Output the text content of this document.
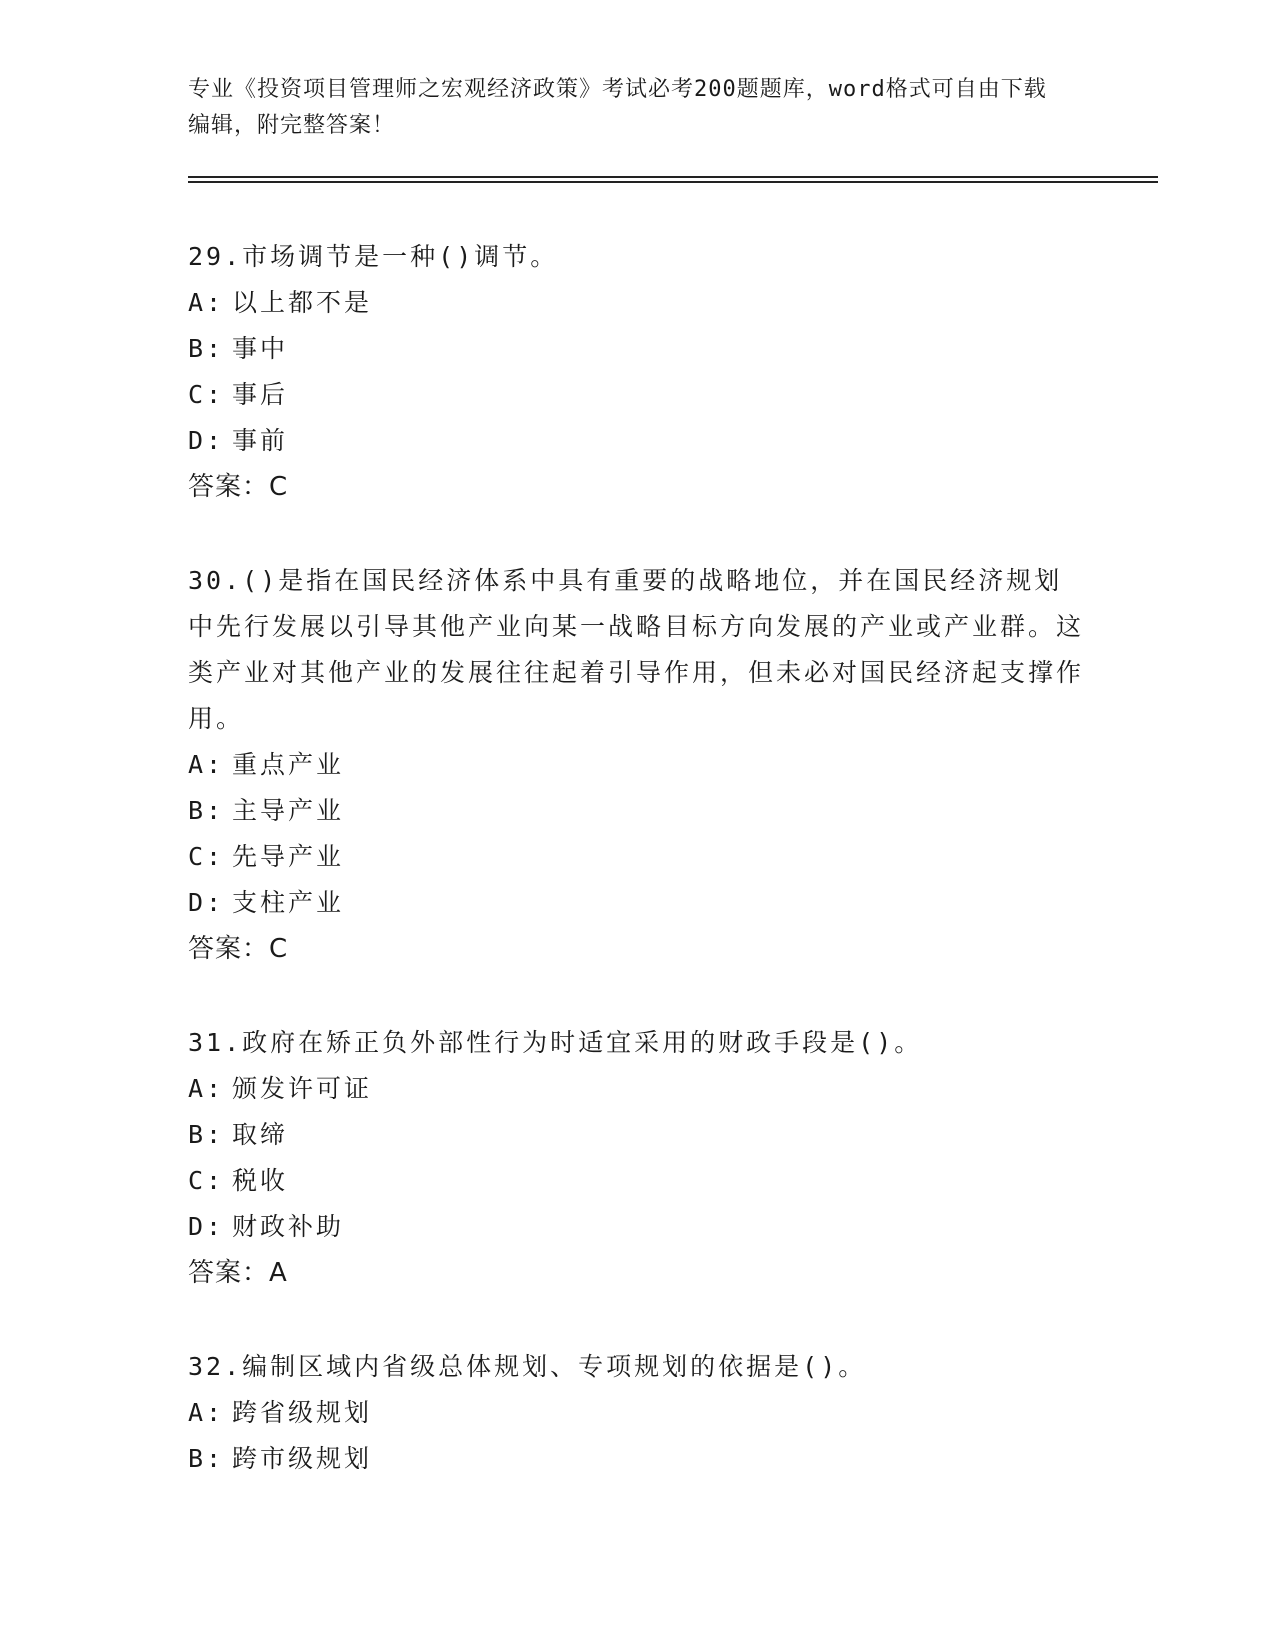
专业《投资项目管理师之宏观经济政策》考试必考200题题库，word格式可自由下载编辑，附完整答案！

29.市场调节是一种()调节。

A: 以上都不是

B: 事中

C: 事后

D: 事前

答案：C

30.()是指在国民经济体系中具有重要的战略地位，并在国民经济规划中先行发展以引导其他产业向某一战略目标方向发展的产业或产业群。这类产业对其他产业的发展往往起着引导作用，但未必对国民经济起支撑作用。

A: 重点产业

B: 主导产业

C: 先导产业

D: 支柱产业

答案：C

31.政府在矫正负外部性行为时适宜采用的财政手段是()。

A: 颁发许可证

B: 取缔

C: 税收

D: 财政补助

答案：A

32.编制区域内省级总体规划、专项规划的依据是()。

A: 跨省级规划

B: 跨市级规划
